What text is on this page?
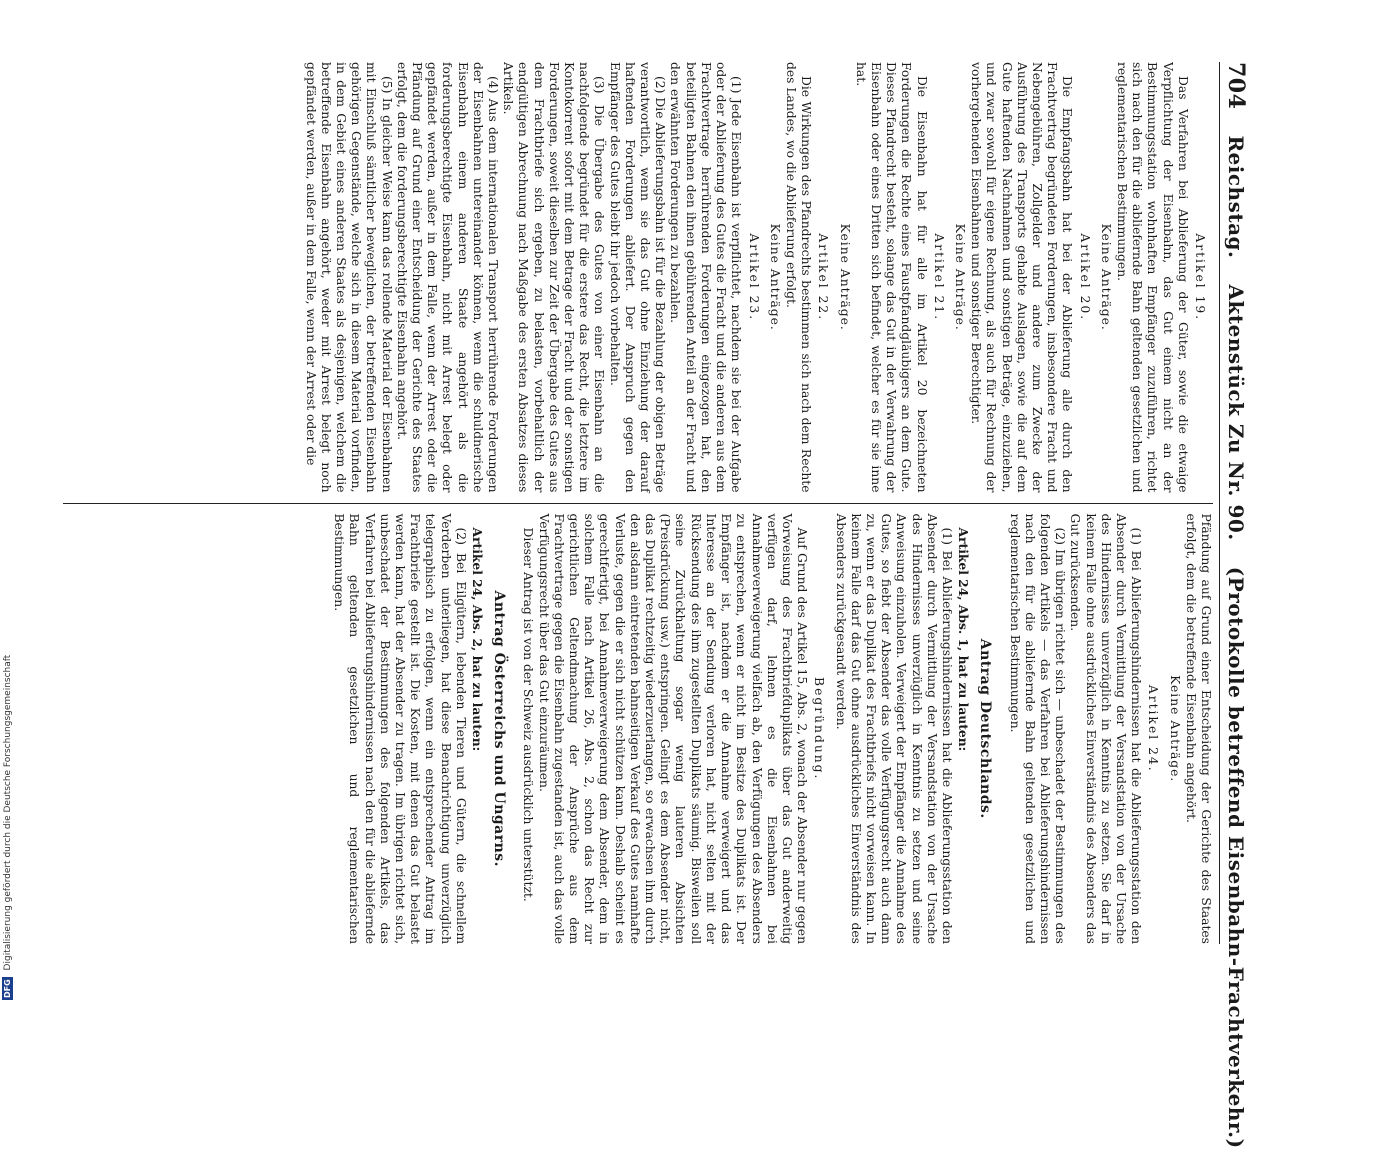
704
Reichstag.
Aktenstück Zu Nr. 90.
(Protokolle betreffend Eisenbahn-Frachtverkehr.)
Artikel 19.

Das Verfahren bei Ablieferung der Güter, sowie die etwaige Verpflichtung der Eisenbahn, das Gut einem nicht an der Bestimmungsstation wohnhaften Empfänger zuzuführen, richtet sich nach den für die abliefernde Bahn geltenden gesetzlichen und reglementarischen Bestimmungen.

Keine Anträge.
Artikel 20.

Die Empfangsbahn hat bei der Ablieferung alle durch den Frachtvertrag begründeten Forderungen, insbesondere Fracht und Nebengebühren, Zollgelder und andere zum Zwecke der Ausführung des Transports gehabte Auslagen, sowie die auf dem Gute haftenden Nachnahmen und sonstigen Beträge, einzuziehen, und zwar sowohl für eigene Rechnung, als auch für Rechnung der vorhergehenden Eisenbahnen und sonstiger Berechtigter.

Keine Anträge.
Artikel 21.

Die Eisenbahn hat für alle im Artikel 20 bezeichneten Forderungen die Rechte eines Faustpfandgläubigers an dem Gute. Dieses Pfandrecht besteht, solange das Gut in der Verwahrung der Eisenbahn oder eines Dritten sich befindet, welcher es für sie inne hat.

Keine Anträge.
Artikel 22.

Die Wirkungen des Pfandrechts bestimmen sich nach dem Rechte des Landes, wo die Ablieferung erfolgt.

Keine Anträge.
Artikel 23.

(1) Jede Eisenbahn ist verpflichtet, nachdem sie bei der Aufgabe oder der Ablieferung des Gutes die Fracht und die anderen aus dem Frachtvertrage herrührenden Forderungen eingezogen hat, den beteiligten Bahnen den ihnen gebührenden Anteil an der Fracht und den erwähnten Forderungen zu bezahlen.

(2) Die Ablieferungsbahn ist für die Bezahlung der obigen Beträge verantwortlich, wenn sie das Gut ohne Einziehung der darauf haftenden Forderungen abliefert. Der Anspruch gegen den Empfänger des Gutes bleibt ihr jedoch vorbehalten.

(3) Die Übergabe des Gutes von einer Eisenbahn an die nachfolgende begründet für die erstere das Recht, die letztere im Kontokorrent sofort mit dem Betrage der Fracht und der sonstigen Forderungen, soweit dieselben zur Zeit der Übergabe des Gutes aus dem Frachtbriefe sich ergeben, zu belasten, vorbehaltlich der endgültigen Abrechnung nach Maßgabe des ersten Absatzes dieses Artikels.

(4) Aus dem internationalen Transport herrührende Forderungen der Eisenbahnen untereinander können, wenn die schuldnerische Eisenbahn einem anderen Staate angehört als die forderungsberechtigte Eisenbahn, nicht mit Arrest belegt oder gepfändet werden, außer in dem Falle, wenn der Arrest oder die Pfändung auf Grund einer Entscheidung der Gerichte des Staates erfolgt, dem die forderungsberechtigte Eisenbahn angehört.

(5) In gleicher Weise kann das rollende Material der Eisenbahnen mit Einschluß sämtlicher beweglichen, der betreffenden Eisenbahn gehörigen Gegenstände, welche sich in diesem Material vorfinden, in dem Gebiet eines anderen Staates als desjenigen, welchem die betreffende Eisenbahn angehört, weder mit Arrest belegt noch gepfändet werden, außer in dem Falle, wenn der Arrest oder die

Pfändung auf Grund einer Entscheidung der Gerichte des Staates erfolgt, dem die betreffende Eisenbahn angehört.

Keine Anträge.
Artikel 24.

(1) Bei Ablieferungshindernissen hat die Ablieferungsstation den Absender durch Vermittlung der Versandstation von der Ursache des Hindernisses unverzüglich in Kenntnis zu setzen. Sie darf in keinem Falle ohne ausdrückliches Einverständnis des Absenders das Gut zurücksenden.

(2) Im übrigen richtet sich — unbeschadet der Bestimmungen des folgenden Artikels — das Verfahren bei Ablieferungshindernissen nach den für die abliefernde Bahn geltenden gesetzlichen und reglementarischen Bestimmungen.

Antrag Deutschlands.
Artikel 24, Abs. 1, hat zu lauten:

(1) Bei Ablieferungshindernissen hat die Ablieferungsstation den Absender durch Vermittlung der Versandstation von der Ursache des Hindernisses unverzüglich in Kenntnis zu setzen und seine Anweisung einzuholen. Verweigert der Empfänger die Annahme des Gutes, so fiebt der Absender das volle Verfügungsrecht auch dann zu, wenn er das Duplikat des Frachtbriefs nicht vorweisen kann. In keinem Falle darf das Gut ohne ausdrückliches Einverständnis des Absenders zurückgesandt werden.

Begründung.

Auf Grund des Artikel 15, Abs. 2, wonach der Absender nur gegen Vorweisung des Frachtbriefduplikats über das Gut anderweitig verfügen darf, lehnen es die Eisenbahnen bei Annahmeverweigerung vielfach ab, den Verfügungen des Absenders zu entsprechen, wenn er nicht im Besitze des Duplikats ist. Der Empfänger ist, nachdem er die Annahme verweigert und das Interesse an der Sendung verloren hat, nicht selten mit der Rücksendung des ihm zugestellten Duplikats säumig. Bisweilen soll seine Zurückhaltung sogar wenig lauteren Absichten (Preisdrückung usw.) entspringen. Gelingt es dem Absender nicht, das Duplikat rechtzeitig wiederzuerlangen, so erwachsen ihm durch den alsdann eintretenden bahnseitigen Verkauf des Gutes namhafte Verluste, gegen die er sich nicht schützen kann. Deshalb scheint es gerechtfertigt, bei Annahmeverweigerung dem Absender, dem in solchem Falle nach Artikel 26, Abs. 2, schon das Recht zur gerichtlichen Geltendmachung der Ansprüche aus dem Frachtvertrage gegen die Eisenbahn zugestanden ist, auch das volle Verfügungsrecht über das Gut einzuräumen.

Dieser Antrag ist von der Schweiz ausdrücklich unterstützt.

Antrag Österreichs und Ungarns.
Artikel 24, Abs. 2, hat zu lauten:

(2) Bei Eilgütern, lebenden Tieren und Gütern, die schnellem Verderben unterliegen, hat diese Benachrichtigung unverzüglich telegraphisch zu erfolgen, wenn ein entsprechender Antrag im Frachtbriefe gestellt ist. Die Kosten, mit denen das Gut belastet werden kann, hat der Absender zu tragen. Im übrigen richtet sich, unbeschadet der Bestimmungen des folgenden Artikels, das Verfahren bei Ablieferungshindernissen nach den für die abliefernde Bahn geltenden gesetzlichen und reglementarischen Bestimmungen.

DFG Digitalisierung gefördert durch die Deutsche Forschungsgemeinschaft
